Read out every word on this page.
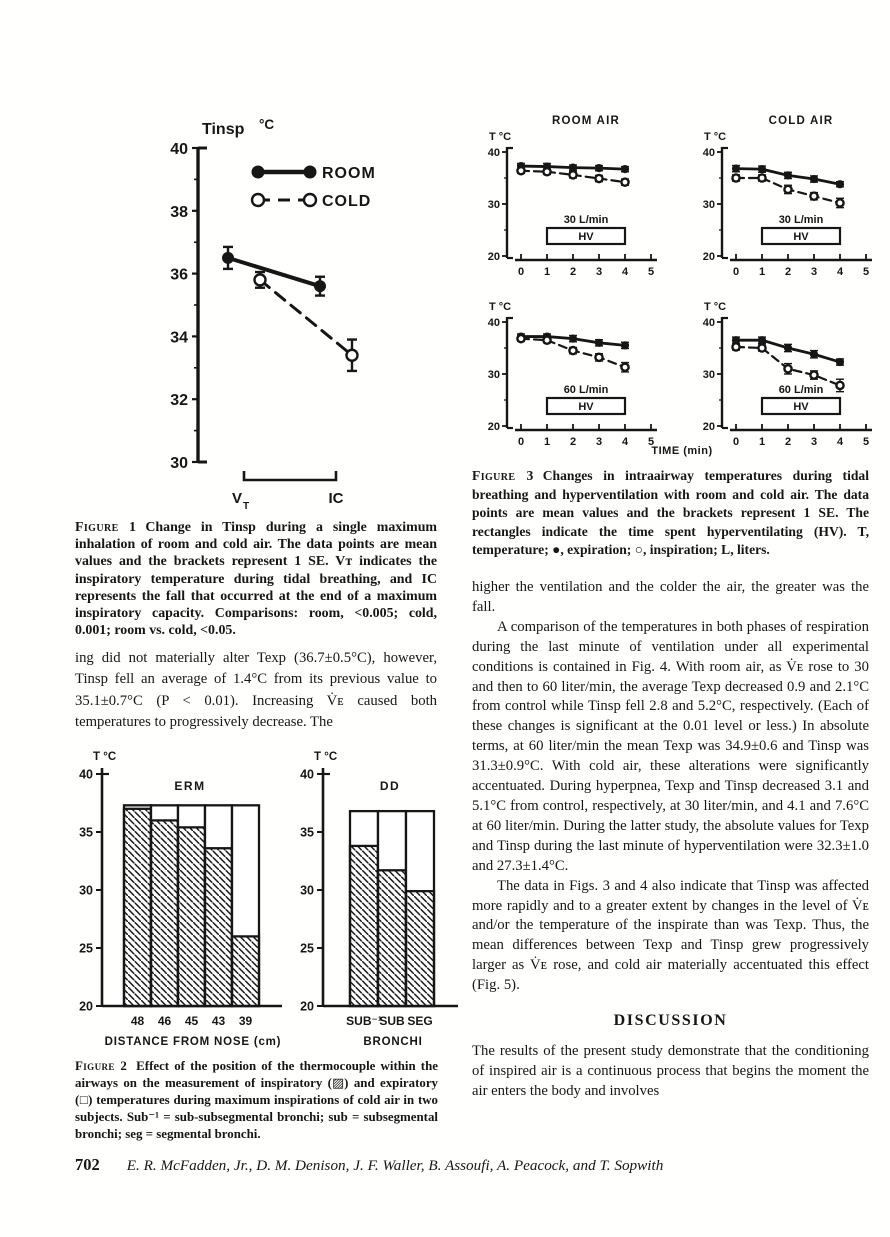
Tinsp °C
30
32
34
36
38
40
ROOM
COLD
V T	IC
ROOM AIR	COLD AIR
T °C
40
30
20
HV
30 L/min
0 1 2 3 4 5
T °C
40
30
20
HV
30 L/min
0 1 2 3 4 5
T °C
40
30
20
HV
60 L/min
0 1 2 3 4 5
T °C
40
30
20
HV
60 L/min
0 1 2 3 4 5
TIME (min)

Figure 1 Change in Tinsp during a single maximum inhalation of room and cold air. The data points are mean values and the brackets represent 1 SE. Vᴛ indicates the inspiratory temperature during tidal breathing, and IC represents the fall that occurred at the end of a maximum inspiratory capacity. Comparisons: room, <0.005; cold, 0.001; room vs. cold, <0.05.

ing did not materially alter Texp (36.7±0.5°C), however, Tinsp fell an average of 1.4°C from its previous value to 35.1±0.7°C (P < 0.01). Increasing V̇ᴇ caused both temperatures to progressively decrease. The

T °C
40
35
30
25
20
48 46 45 43 39
ERM
DISTANCE FROM NOSE (cm)
T °C
40
35
30
25
20
SUB⁻¹
SUB SEG
DD
BRONCHI

Figure 2 Effect of the position of the thermocouple within the airways on the measurement of inspiratory (▨) and expiratory (□) temperatures during maximum inspirations of cold air in two subjects. Sub⁻¹ = sub-subsegmental bronchi; sub = subsegmental bronchi; seg = segmental bronchi.

Figure 3 Changes in intraairway temperatures during tidal breathing and hyperventilation with room and cold air. The data points are mean values and the brackets represent 1 SE. The rectangles indicate the time spent hyperventilating (HV). T, temperature; ●, expiration; ○, inspiration; L, liters.

higher the ventilation and the colder the air, the greater was the fall.

A comparison of the temperatures in both phases of respiration during the last minute of ventilation under all experimental conditions is contained in Fig. 4. With room air, as V̇ᴇ rose to 30 and then to 60 liter/min, the average Texp decreased 0.9 and 2.1°C from control while Tinsp fell 2.8 and 5.2°C, respectively. (Each of these changes is significant at the 0.01 level or less.) In absolute terms, at 60 liter/min the mean Texp was 34.9±0.6 and Tinsp was 31.3±0.9°C. With cold air, these alterations were significantly accentuated. During hyperpnea, Texp and Tinsp decreased 3.1 and 5.1°C from control, respectively, at 30 liter/min, and 4.1 and 7.6°C at 60 liter/min. During the latter study, the absolute values for Texp and Tinsp during the last minute of hyperventilation were 32.3±1.0 and 27.3±1.4°C.

The data in Figs. 3 and 4 also indicate that Tinsp was affected more rapidly and to a greater extent by changes in the level of V̇ᴇ and/or the temperature of the inspirate than was Texp. Thus, the mean differences between Texp and Tinsp grew progressively larger as V̇ᴇ rose, and cold air materially accentuated this effect (Fig. 5).

DISCUSSION

The results of the present study demonstrate that the conditioning of inspired air is a continuous process that begins the moment the air enters the body and involves

702 E. R. McFadden, Jr., D. M. Denison, J. F. Waller, B. Assoufi, A. Peacock, and T. Sopwith
